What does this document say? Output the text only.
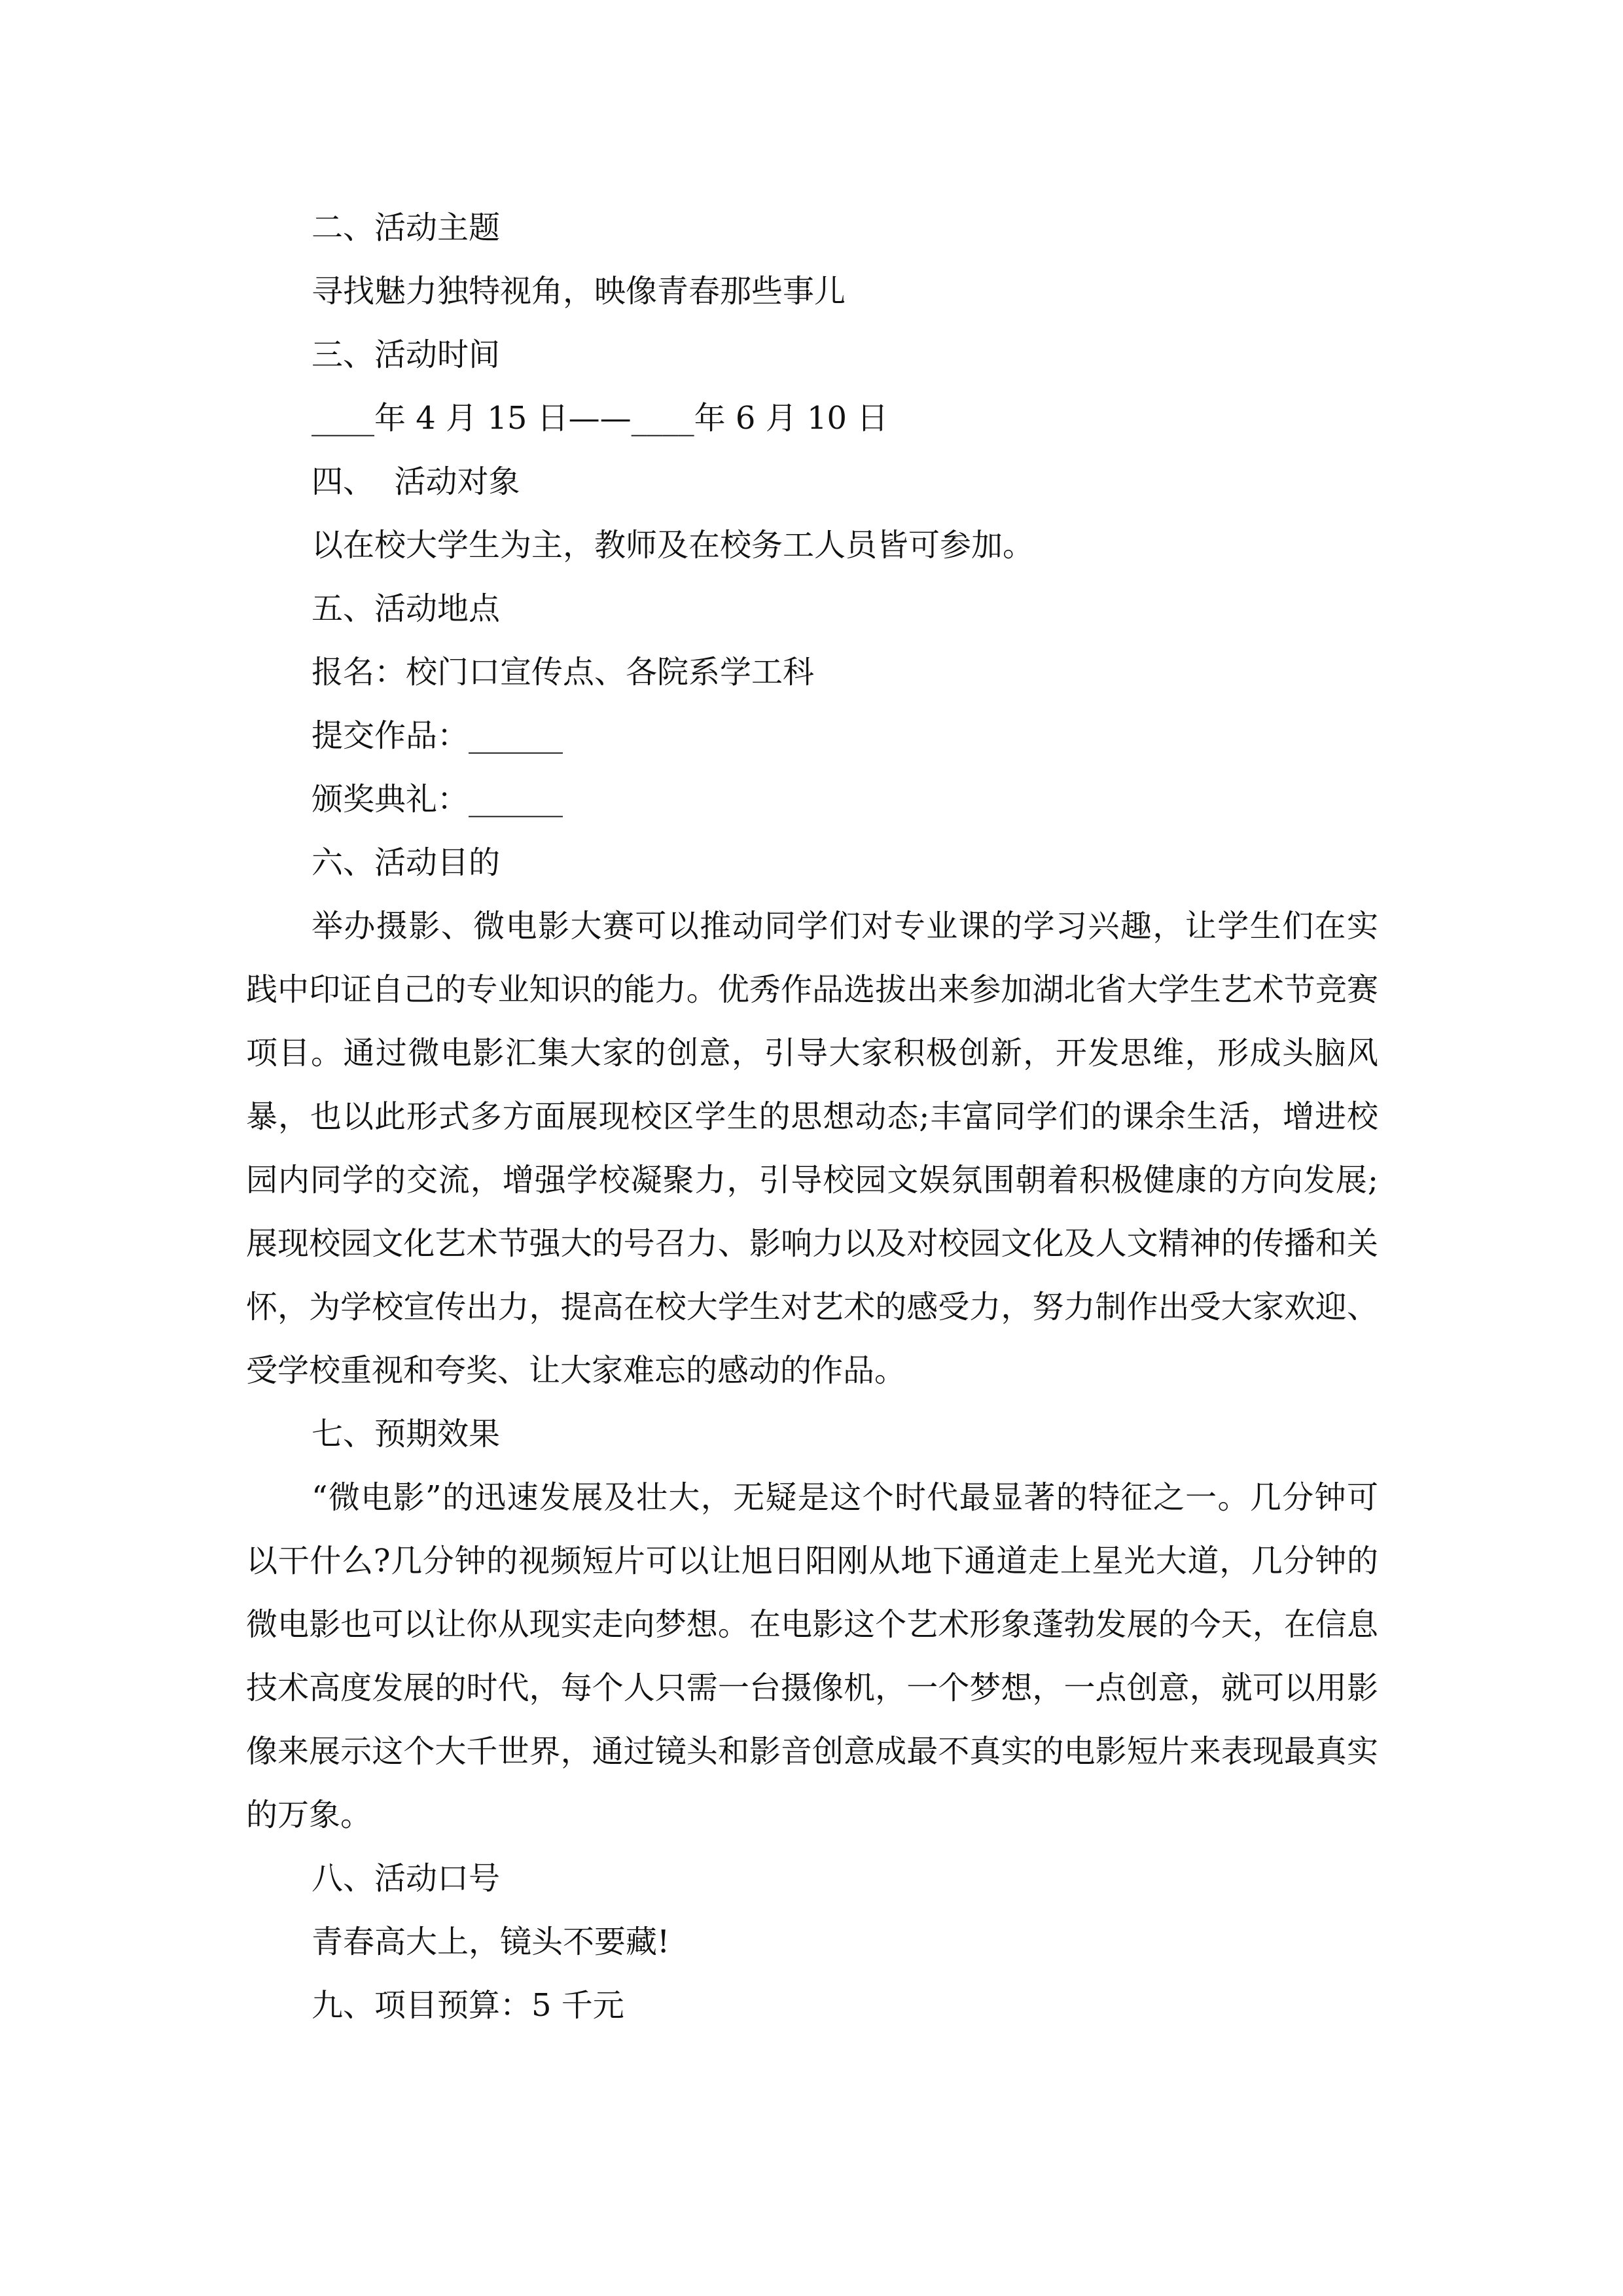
二、活动主题

寻找魅力独特视角，映像青春那些事儿

三、活动时间

____年 4 月 15 日——____年 6 月 10 日

四、  活动对象

以在校大学生为主，教师及在校务工人员皆可参加。

五、活动地点

报名：校门口宣传点、各院系学工科

提交作品：______

颁奖典礼：______

六、活动目的

举办摄影、微电影大赛可以推动同学们对专业课的学习兴趣，让学生们在实践中印证自己的专业知识的能力。优秀作品选拔出来参加湖北省大学生艺术节竞赛项目。通过微电影汇集大家的创意，引导大家积极创新，开发思维，形成头脑风暴，也以此形式多方面展现校区学生的思想动态;丰富同学们的课余生活，增进校园内同学的交流，增强学校凝聚力，引导校园文娱氛围朝着积极健康的方向发展;展现校园文化艺术节强大的号召力、影响力以及对校园文化及人文精神的传播和关怀，为学校宣传出力，提高在校大学生对艺术的感受力，努力制作出受大家欢迎、受学校重视和夸奖、让大家难忘的感动的作品。

七、预期效果

“微电影”的迅速发展及壮大，无疑是这个时代最显著的特征之一。几分钟可以干什么?几分钟的视频短片可以让旭日阳刚从地下通道走上星光大道，几分钟的微电影也可以让你从现实走向梦想。在电影这个艺术形象蓬勃发展的今天，在信息技术高度发展的时代，每个人只需一台摄像机，一个梦想，一点创意，就可以用影像来展示这个大千世界，通过镜头和影音创意成最不真实的电影短片来表现最真实的万象。

八、活动口号

青春高大上，镜头不要藏!

九、项目预算：5 千元
